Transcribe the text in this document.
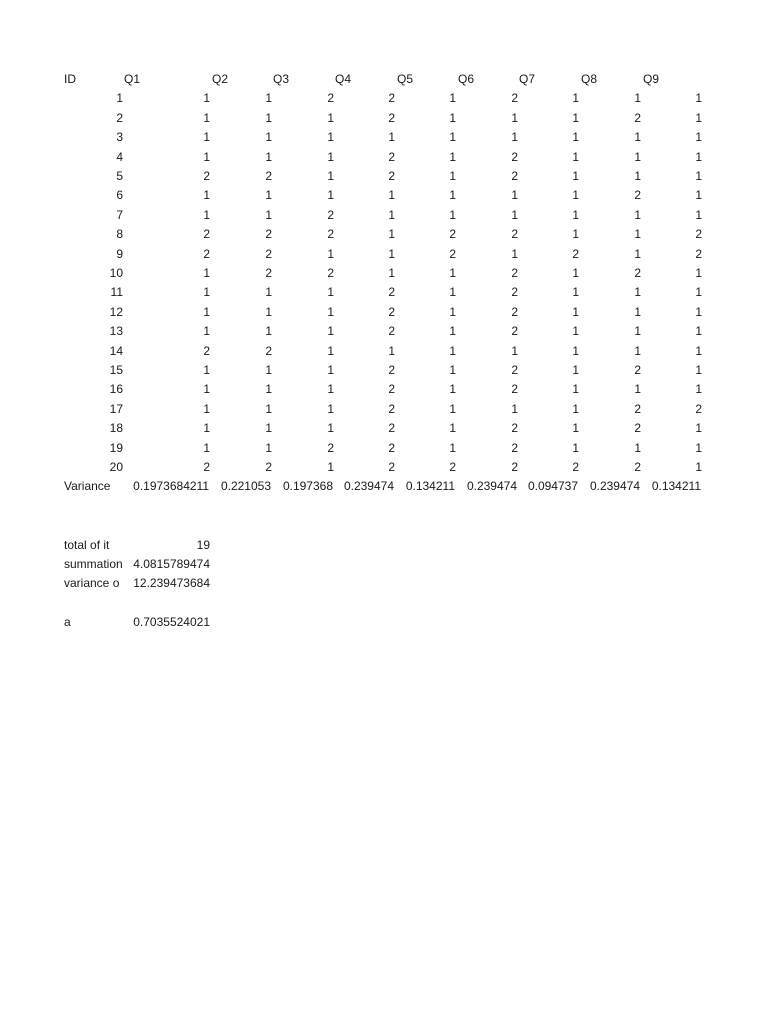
ID	Q1	Q2	Q3	Q4	Q5	Q6	Q7	Q8	Q9
1	1	1	2	2	1	2	1	1	1
2	1	1	1	2	1	1	1	2	1
3	1	1	1	1	1	1	1	1	1
4	1	1	1	2	1	2	1	1	1
5	2	2	1	2	1	2	1	1	1
6	1	1	1	1	1	1	1	2	1
7	1	1	2	1	1	1	1	1	1
8	2	2	2	1	2	2	1	1	2
9	2	2	1	1	2	1	2	1	2
10	1	2	2	1	1	2	1	2	1
11	1	1	1	2	1	2	1	1	1
12	1	1	1	2	1	2	1	1	1
13	1	1	1	2	1	2	1	1	1
14	2	2	1	1	1	1	1	1	1
15	1	1	1	2	1	2	1	2	1
16	1	1	1	2	1	2	1	1	1
17	1	1	1	2	1	1	1	2	2
18	1	1	1	2	1	2	1	2	1
19	1	1	2	2	1	2	1	1	1
20	2	2	1	2	2	2	2	2	1
Variance	0.1973684211 0.221053 0.197368 0.239474 0.134211 0.239474 0.094737 0.239474 0.134211
total of it	19
summation 4.0815789474
variance o	12.239473684
a	0.7035524021
